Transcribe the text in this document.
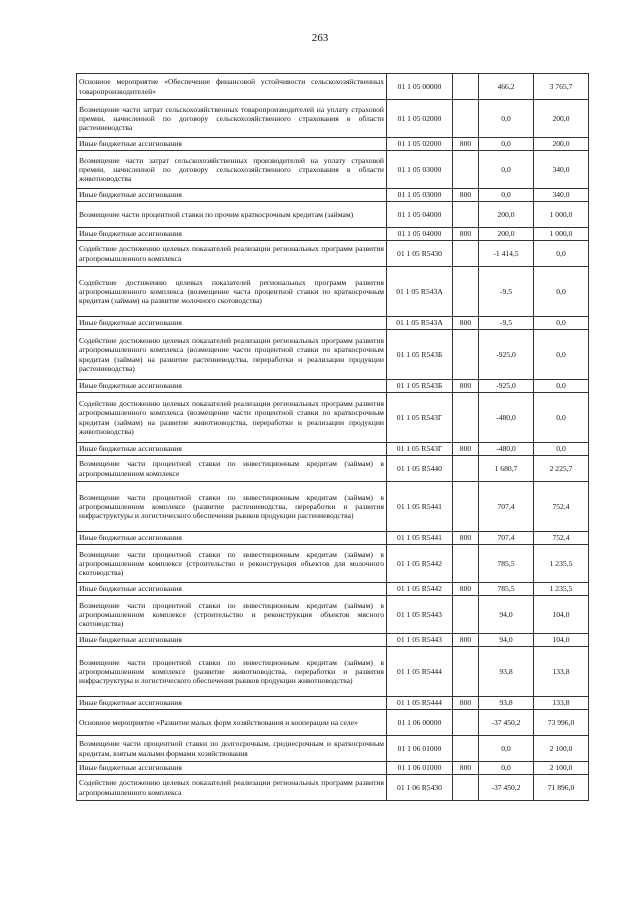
263
Основное мероприятие «Обеспечение финансовой устойчивости сельскохозяйственных товаропроизводителей»	01 1 05 00000		466,2	3 765,7
Возмещение части затрат сельскохозяйственных товаропроизводителей на уплату страховой премии, начисленной по договору сельскохозяйственного страхования в области растениеводства	01 1 05 02000		0,0	200,0
Иные бюджетные ассигнования	01 1 05 02000	800	0,0	200,0
Возмещение части затрат сельскохозяйственных производителей на уплату страховой премии, начисленной по договору сельскохозяйственного страхования в области животноводства	01 1 05 03000		0,0	340,0
Иные бюджетные ассигнования	01 1 05 03000	800	0,0	340,0
Возмещение части процентной ставки по прочим краткосрочным кредитам (займам)	01 1 05 04000		200,0	1 000,0
Иные бюджетные ассигнования	01 1 05 04000	800	200,0	1 000,0
Содействие достижению целевых показателей реализации региональных программ развития агропромышленного комплекса	01 1 05 R5430		-1 414,5	0,0
Содействие достижению целевых показателей региональных программ развития агропромышленного комплекса (возмещение часта процентной ставки по краткосрочным кредитам (займам) на развитие молочного скотоводства)	01 1 05 R543А		-9,5	0,0
Иные бюджетные ассигнования	01 1 05 R543А	800	-9,5	0,0
Содействие достижению целевых показателей реализации региональных программ развития агропромышленного комплекса (возмещение части процентной ставки по краткосрочным кредитам (займам) на развитие растениеводства, переработки и реализации продукции растениеводства)	01 1 05 R543Б		-925,0	0,0
Иные бюджетные ассигнования	01 1 05 R543Б	800	-925,0	0,0
Содействие достижению целевых показателей реализации региональных программ развития агропромышленного комплекса (возмещение части процентной ставки по краткосрочным кредитам (займам) на развитие животноводства, переработки и реализации продукции животноводства)	01 1 05 R543Г		-480,0	0,0
Иные бюджетные ассигнования	01 1 05 R543Г	800	-480,0	0,0
Возмещение части процентной ставки по инвестиционным кредитам (займам) в агропромышленном комплексе	01 1 05 R5440		1 680,7	2 225,7
Возмещение части процентной ставки по инвестиционным кредитам (займам) в агропромышленном комплексе (развитие растениеводства, переработки и развития инфраструктуры и логистического обеспечения рынков продукции растениеводства)	01 1 05 R5441		707,4	752,4
Иные бюджетные ассигнования	01 1 05 R5441	800	707,4	752,4
Возмещение части процентной ставки по инвестиционным кредитам (займам) в агропромышленном комплексе (строительство и реконструкция объектов для молочного скотоводства)	01 1 05 R5442		785,5	1 235,5
Иные бюджетные ассигнования	01 1 05 R5442	800	785,5	1 235,5
Возмещение части процентной ставки по инвестиционным кредитам (займам) в агропромышленном комплексе (строительство и реконструкция объектов мясного скотоводства)	01 1 05 R5443		94,0	104,0
Иные бюджетные ассигнования	01 1 05 R5443	800	94,0	104,0
Возмещение части процентной ставки по инвестиционным кредитам (займам) в агропромышленном комплексе (развитие животноводства, переработки и развития инфраструктуры и логистического обеспечения рынков продукции животноводства)	01 1 05 R5444		93,8	133,8
Иные бюджетные ассигнования	01 1 05 R5444	800	93,8	133,8
Основное мероприятие «Развитие малых форм хозяйствования и кооперации на селе»	01 1 06 00000		-37 450,2	73 996,0
Возмещение части процентной ставки по долгосрочным, среднесрочным и краткосрочным кредитам, взятым малыми формами хозяйствования	01 1 06 01000		0,0	2 100,0
Иные бюджетные ассигнования	01 1 06 01000	800	0,0	2 100,0
Содействие достижению целевых показателей реализации региональных программ развития агропромышленного комплекса	01 1 06 R5430		-37 450,2	71 896,0
